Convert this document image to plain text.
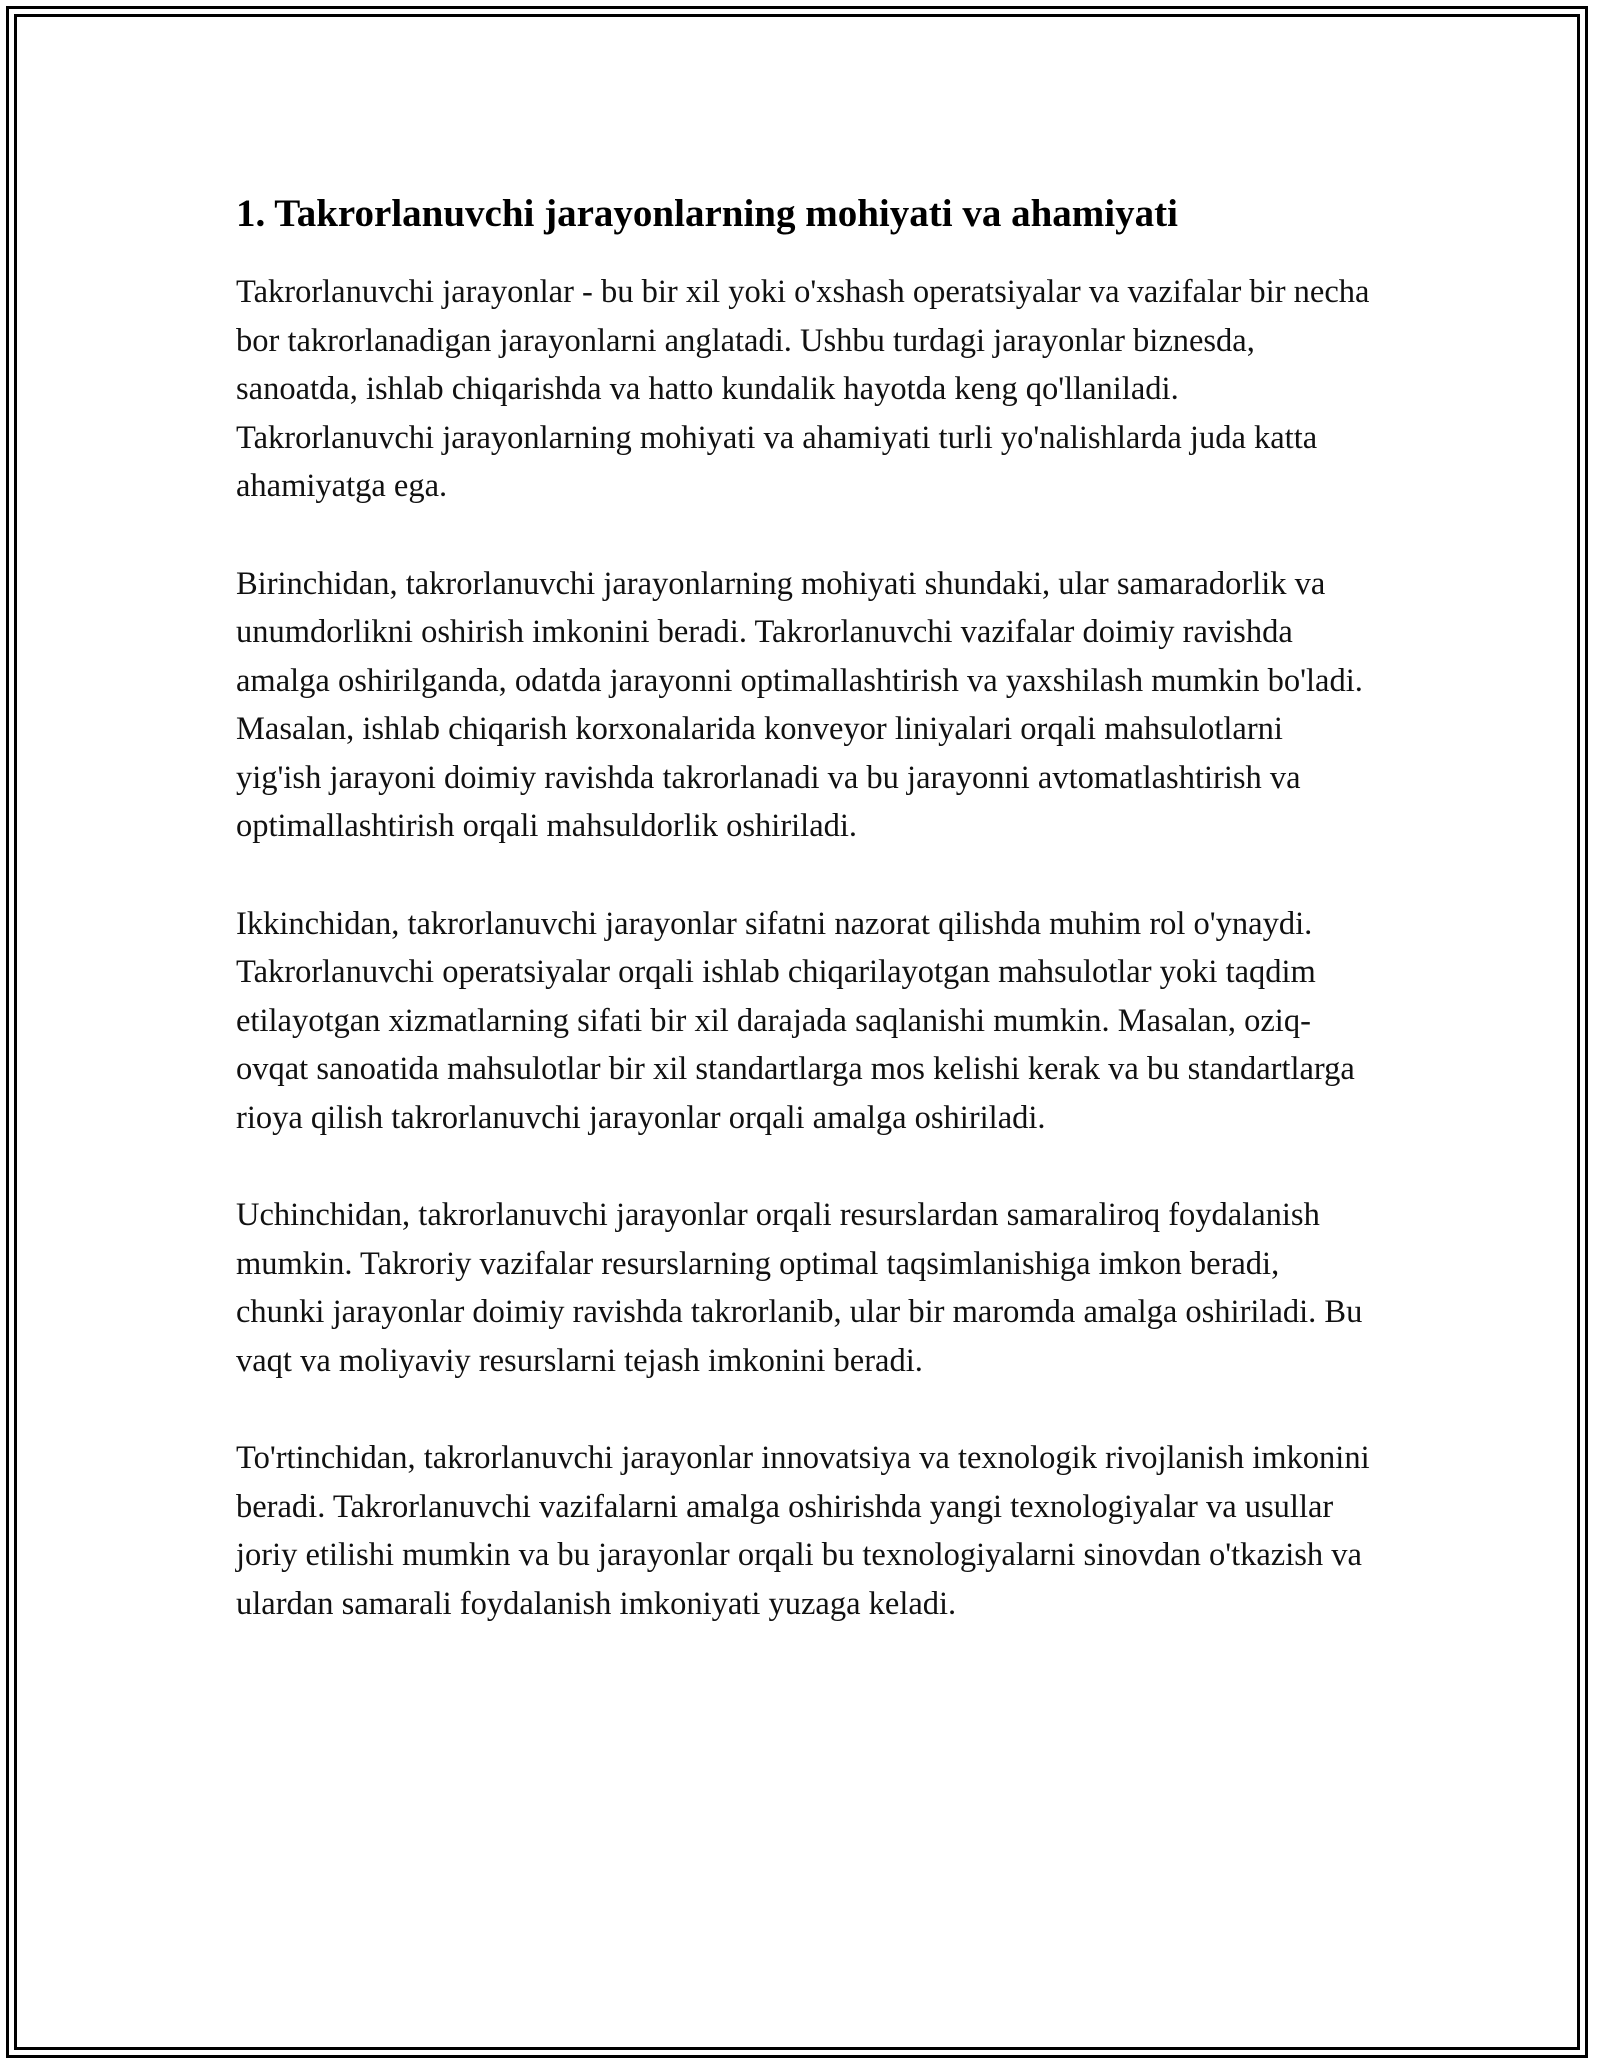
1. Takrorlanuvchi jarayonlarning mohiyati va ahamiyati

Takrorlanuvchi jarayonlar - bu bir xil yoki o'xshash operatsiyalar va vazifalar bir necha bor takrorlanadigan jarayonlarni anglatadi. Ushbu turdagi jarayonlar biznesda, sanoatda, ishlab chiqarishda va hatto kundalik hayotda keng qo'llaniladi. Takrorlanuvchi jarayonlarning mohiyati va ahamiyati turli yo'nalishlarda juda katta ahamiyatga ega.

Birinchidan, takrorlanuvchi jarayonlarning mohiyati shundaki, ular samaradorlik va unumdorlikni oshirish imkonini beradi. Takrorlanuvchi vazifalar doimiy ravishda amalga oshirilganda, odatda jarayonni optimallashtirish va yaxshilash mumkin bo'ladi. Masalan, ishlab chiqarish korxonalarida konveyor liniyalari orqali mahsulotlarni yig'ish jarayoni doimiy ravishda takrorlanadi va bu jarayonni avtomatlashtirish va optimallashtirish orqali mahsuldorlik oshiriladi.

Ikkinchidan, takrorlanuvchi jarayonlar sifatni nazorat qilishda muhim rol o'ynaydi. Takrorlanuvchi operatsiyalar orqali ishlab chiqarilayotgan mahsulotlar yoki taqdim etilayotgan xizmatlarning sifati bir xil darajada saqlanishi mumkin. Masalan, oziq-ovqat sanoatida mahsulotlar bir xil standartlarga mos kelishi kerak va bu standartlarga rioya qilish takrorlanuvchi jarayonlar orqali amalga oshiriladi.

Uchinchidan, takrorlanuvchi jarayonlar orqali resurslardan samaraliroq foydalanish mumkin. Takroriy vazifalar resurslarning optimal taqsimlanishiga imkon beradi, chunki jarayonlar doimiy ravishda takrorlanib, ular bir maromda amalga oshiriladi. Bu vaqt va moliyaviy resurslarni tejash imkonini beradi.

To'rtinchidan, takrorlanuvchi jarayonlar innovatsiya va texnologik rivojlanish imkonini beradi. Takrorlanuvchi vazifalarni amalga oshirishda yangi texnologiyalar va usullar joriy etilishi mumkin va bu jarayonlar orqali bu texnologiyalarni sinovdan o'tkazish va ulardan samarali foydalanish imkoniyati yuzaga keladi.
